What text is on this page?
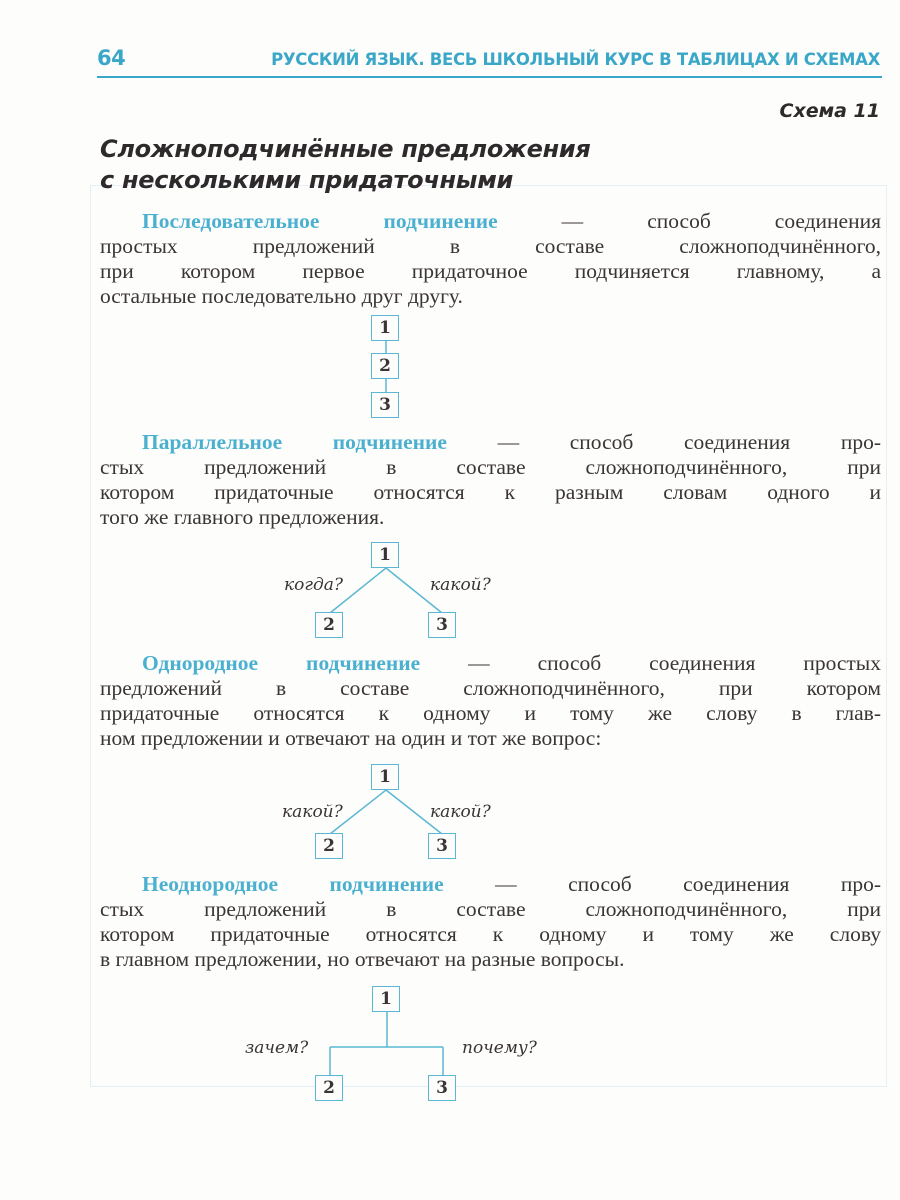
64	РУССКИЙ ЯЗЫК. ВЕСЬ ШКОЛЬНЫЙ КУРС В ТАБЛИЦАХ И СХЕМАХ
Схема 11
Сложноподчинённые предложения
с несколькими придаточными
Последовательное подчинение — способ соединения
простых предложений в составе сложноподчинённого,
при котором первое придаточное подчиняется главному, а
остальные последовательно друг другу.
Параллельное подчинение — способ соединения про-
стых предложений в составе сложноподчинённого, при
котором придаточные относятся к разным словам одного и
того же главного предложения.
Однородное подчинение — способ соединения простых
предложений в составе сложноподчинённого, при котором
придаточные относятся к одному и тому же слову в глав-
ном предложении и отвечают на один и тот же вопрос:
Неоднородное подчинение — способ соединения про-
стых предложений в составе сложноподчинённого, при
котором придаточные относятся к одному и тому же слову
в главном предложении, но отвечают на разные вопросы.
1
2
3
1
2	3
когда?	какой?
1
2	3
какой?	какой?
1
2	3
зачем?	почему?
